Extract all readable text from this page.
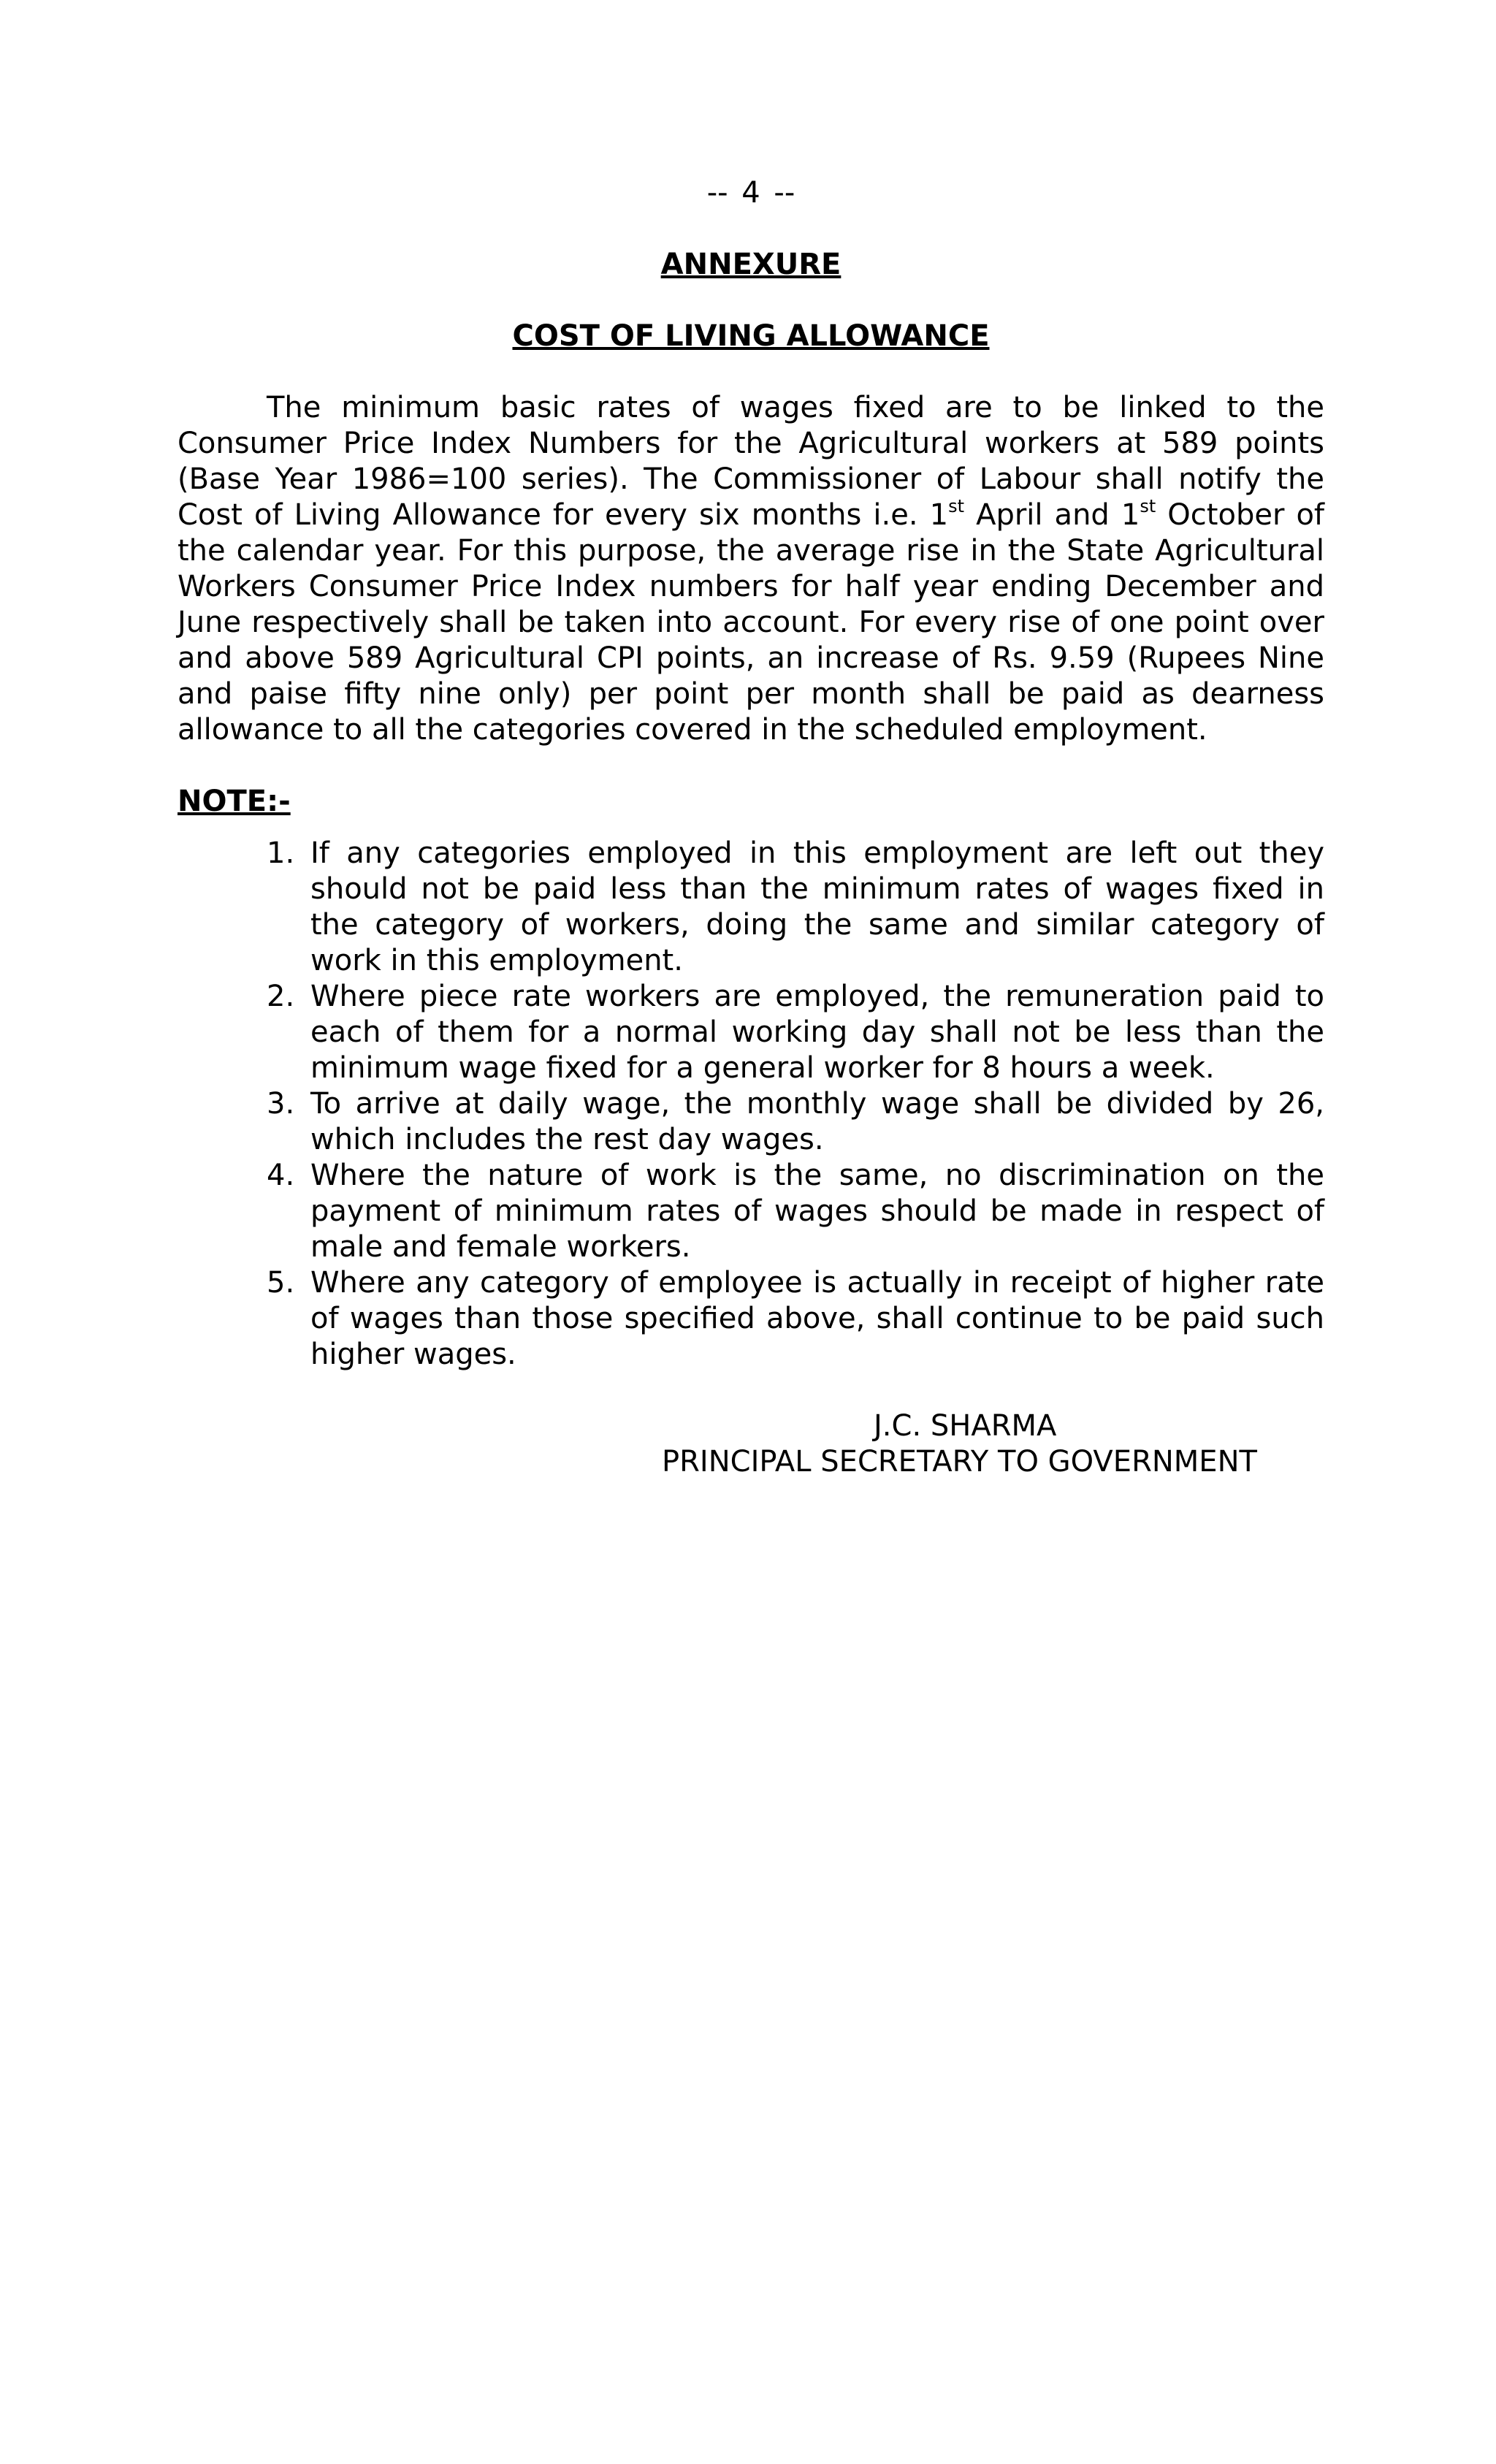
-- 4 --

ANNEXURE

COST OF LIVING ALLOWANCE

The minimum basic rates of wages fixed are to be linked to the Consumer Price Index Numbers for the Agricultural workers at 589 points (Base Year 1986=100 series). The Commissioner of Labour shall notify the Cost of Living Allowance for every six months i.e. 1st April and 1st October of the calendar year. For this purpose, the average rise in the State Agricultural Workers Consumer Price Index numbers for half year ending December and June respectively shall be taken into account. For every rise of one point over and above 589 Agricultural CPI points, an increase of Rs. 9.59 (Rupees Nine and paise fifty nine only) per point per month shall be paid as dearness allowance to all the categories covered in the scheduled employment.

NOTE:-

1. If any categories employed in this employment are left out they should not be paid less than the minimum rates of wages fixed in the category of workers, doing the same and similar category of work in this employment.
2. Where piece rate workers are employed, the remuneration paid to each of them for a normal working day shall not be less than the minimum wage fixed for a general worker for 8 hours a week.
3. To arrive at daily wage, the monthly wage shall be divided by 26, which includes the rest day wages.
4. Where the nature of work is the same, no discrimination on the payment of minimum rates of wages should be made in respect of male and female workers.
5. Where any category of employee is actually in receipt of higher rate of wages than those specified above, shall continue to be paid such higher wages.
J.C. SHARMA
PRINCIPAL SECRETARY TO GOVERNMENT
